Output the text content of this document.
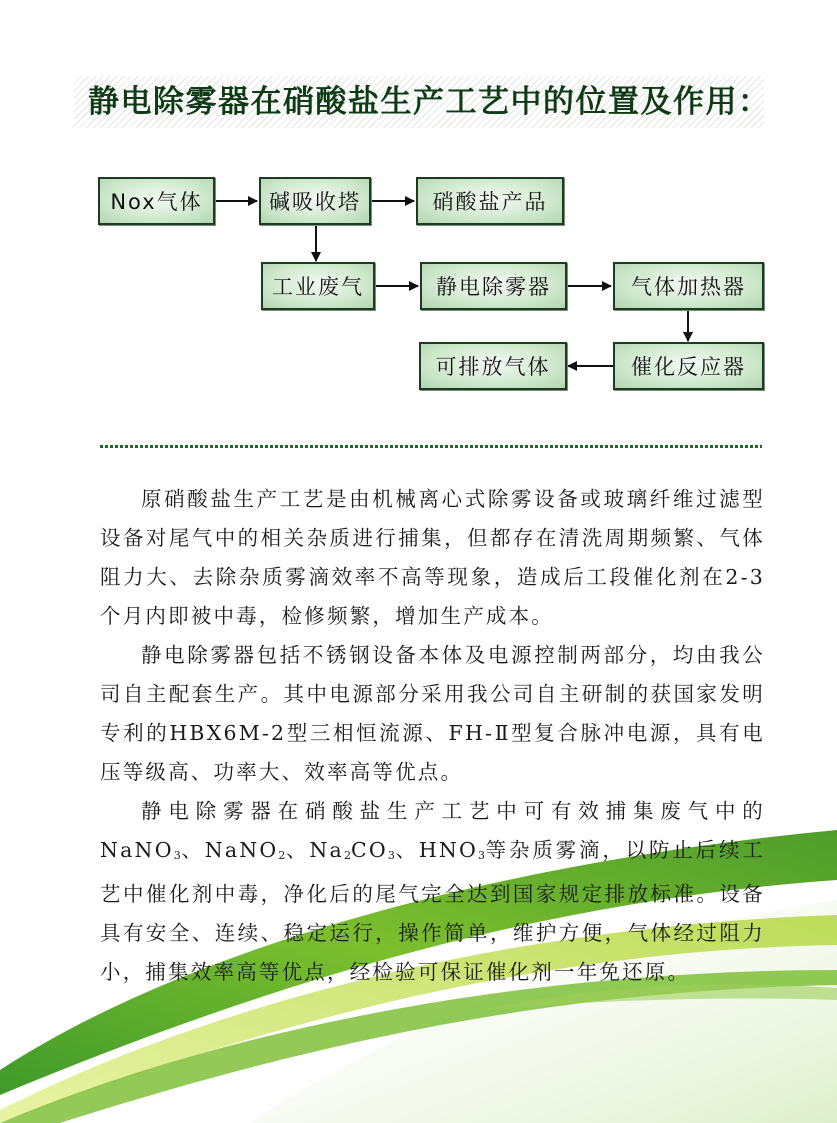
静电除雾器在硝酸盐生产工艺中的位置及作用：
Nox气体	碱吸收塔	硝酸盐产品
工业废气	静电除雾器	气体加热器
可排放气体	催化反应器

原硝酸盐生产工艺是由机械离心式除雾设备或玻璃纤维过滤型设备对尾气中的相关杂质进行捕集，但都存在清洗周期频繁、气体阻力大、去除杂质雾滴效率不高等现象，造成后工段催化剂在2-3个月内即被中毒，检修频繁，增加生产成本。

静电除雾器包括不锈钢设备本体及电源控制两部分，均由我公司自主配套生产。其中电源部分采用我公司自主研制的获国家发明专利的HBX6M-2型三相恒流源、FH-Ⅱ型复合脉冲电源，具有电压等级高、功率大、效率高等优点。

静电除雾器在硝酸盐生产工艺中可有效捕集废气中的NaNO3、NaNO2、Na2CO3、HNO3等杂质雾滴，以防止后续工艺中催化剂中毒，净化后的尾气完全达到国家规定排放标准。设备具有安全、连续、稳定运行，操作简单，维护方便，气体经过阻力小，捕集效率高等优点，经检验可保证催化剂一年免还原。
